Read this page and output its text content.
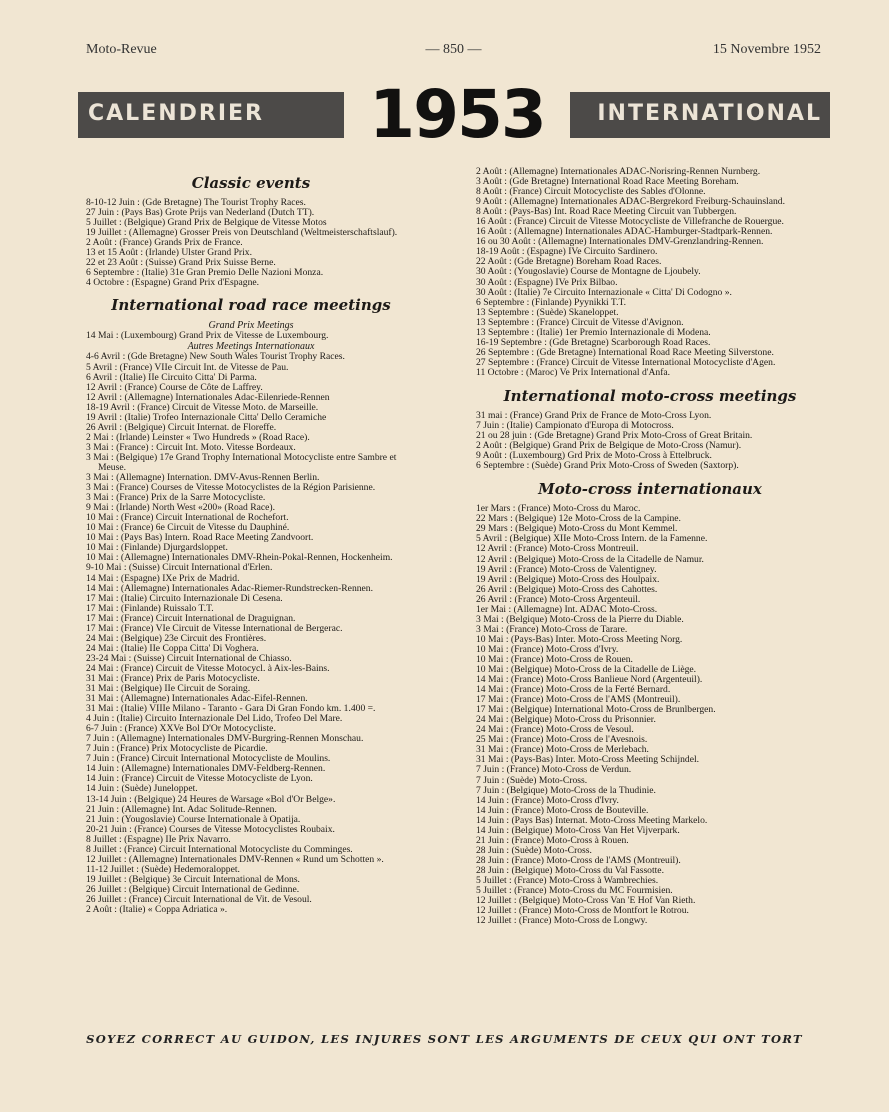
Moto-Revue	— 850 —	15 Novembre 1952
CALENDRIER	INTERNATIONAL
1953
Classic events
8-10-12 Juin : (Gde Bretagne) The Tourist Trophy Races.
27 Juin : (Pays Bas) Grote Prijs van Nederland (Dutch TT).
5 Juillet : (Belgique) Grand Prix de Belgique de Vitesse Motos
19 Juillet : (Allemagne) Grosser Preis von Deutschland (Weltmeisterschaftslauf).
2 Août : (France) Grands Prix de France.
13 et 15 Août : (Irlande) Ulster Grand Prix.
22 et 23 Août : (Suisse) Grand Prix Suisse Berne.
6 Septembre : (Italie) 31e Gran Premio Delle Nazioni Monza.
4 Octobre : (Espagne) Grand Prix d'Espagne.
International road race meetings
Grand Prix Meetings
14 Mai : (Luxembourg) Grand Prix de Vitesse de Luxembourg.
Autres Meetings Internationaux
4-6 Avril : (Gde Bretagne) New South Wales Tourist Trophy Races.
5 Avril : (France) VIIe Circuit Int. de Vitesse de Pau.
6 Avril : (Italie) IIe Circuito Citta' Di Parma.
12 Avril : (France) Course de Côte de Laffrey.
12 Avril : (Allemagne) Internationales Adac-Eilenriede-Rennen
18-19 Avril : (France) Circuit de Vitesse Moto. de Marseille.
19 Avril : (Italie) Trofeo Internazionale Citta' Dello Ceramiche
26 Avril : (Belgique) Circuit Internat. de Floreffe.
2 Mai : (Irlande) Leinster « Two Hundreds » (Road Race).
3 Mai : (France) : Circuit Int. Moto. Vitesse Bordeaux.
3 Mai : (Belgique) 17e Grand Trophy International Motocycliste entre Sambre et Meuse.
3 Mai : (Allemagne) Internation. DMV-Avus-Rennen Berlin.
3 Mai : (France) Courses de Vitesse Motocyclistes de la Région Parisienne.
3 Mai : (France) Prix de la Sarre Motocycliste.
9 Mai : (Irlande) North West «200» (Road Race).
10 Mai : (France) Circuit International de Rochefort.
10 Mai : (France) 6e Circuit de Vitesse du Dauphiné.
10 Mai : (Pays Bas) Intern. Road Race Meeting Zandvoort.
10 Mai : (Finlande) Djurgardsloppet.
10 Mai : (Allemagne) Internationales DMV-Rhein-Pokal-Rennen, Hockenheim.
9-10 Mai : (Suisse) Circuit International d'Erlen.
14 Mai : (Espagne) IXe Prix de Madrid.
14 Mai : (Allemagne) Internationales Adac-Riemer-Rundstrecken-Rennen.
17 Mai : (Italie) Circuito Internazionale Di Cesena.
17 Mai : (Finlande) Ruissalo T.T.
17 Mai : (France) Circuit International de Draguignan.
17 Mai : (France) VIe Circuit de Vitesse International de Bergerac.
24 Mai : (Belgique) 23e Circuit des Frontières.
24 Mai : (Italie) IIe Coppa Citta' Di Voghera.
23-24 Mai : (Suisse) Circuit International de Chiasso.
24 Mai : (France) Circuit de Vitesse Motocycl. à Aix-les-Bains.
31 Mai : (France) Prix de Paris Motocycliste.
31 Mai : (Belgique) IIe Circuit de Soraing.
31 Mai : (Allemagne) Internationales Adac-Eifel-Rennen.
31 Mai : (Italie) VIIIe Milano - Taranto - Gara Di Gran Fondo km. 1.400 =.
4 Juin : (Italie) Circuito Internazionale Del Lido, Trofeo Del Mare.
6-7 Juin : (France) XXVe Bol D'Or Motocycliste.
7 Juin : (Allemagne) Internationales DMV-Burgring-Rennen Monschau.
7 Juin : (France) Prix Motocycliste de Picardie.
7 Juin : (France) Circuit International Motocycliste de Moulins.
14 Juin : (Allemagne) Internationales DMV-Feldberg-Rennen.
14 Juin : (France) Circuit de Vitesse Motocycliste de Lyon.
14 Juin : (Suède) Juneloppet.
13-14 Juin : (Belgique) 24 Heures de Warsage «Bol d'Or Belge».
21 Juin : (Allemagne) Int. Adac Solitude-Rennen.
21 Juin : (Yougoslavie) Course Internationale à Opatija.
20-21 Juin : (France) Courses de Vitesse Motocyclistes Roubaix.
8 Juillet : (Espagne) IIe Prix Navarro.
8 Juillet : (France) Circuit International Motocycliste du Comminges.
12 Juillet : (Allemagne) Internationales DMV-Rennen « Rund um Schotten ».
11-12 Juillet : (Suède) Hedemoraloppet.
19 Juillet : (Belgique) 3e Circuit International de Mons.
26 Juillet : (Belgique) Circuit International de Gedinne.
26 Juillet : (France) Circuit International de Vit. de Vesoul.
2 Août : (Italie) « Coppa Adriatica ».
2 Août : (Allemagne) Internationales ADAC-Norisring-Rennen Nurnberg.
3 Août : (Gde Bretagne) International Road Race Meeting Boreham.
8 Août : (France) Circuit Motocycliste des Sables d'Olonne.
9 Août : (Allemagne) Internationales ADAC-Bergrekord Freiburg-Schauinsland.
8 Août : (Pays-Bas) Int. Road Race Meeting Circuit van Tubbergen.
16 Août : (France) Circuit de Vitesse Motocycliste de Villefranche de Rouergue.
16 Août : (Allemagne) Internationales ADAC-Hamburger-Stadtpark-Rennen.
16 ou 30 Août : (Allemagne) Internationales DMV-Grenzlandring-Rennen.
18-19 Août : (Espagne) IVe Circuito Sardinero.
22 Août : (Gde Bretagne) Boreham Road Races.
30 Août : (Yougoslavie) Course de Montagne de Ljoubely.
30 Août : (Espagne) IVe Prix Bilbao.
30 Août : (Italie) 7e Circuito Internazionale « Citta' Di Codogno ».
6 Septembre : (Finlande) Pyynikki T.T.
13 Septembre : (Suède) Skaneloppet.
13 Septembre : (France) Circuit de Vitesse d'Avignon.
13 Septembre : (Italie) 1er Premio Internazionale di Modena.
16-19 Septembre : (Gde Bretagne) Scarborough Road Races.
26 Septembre : (Gde Bretagne) International Road Race Meeting Silverstone.
27 Septembre : (France) Circuit de Vitesse International Motocycliste d'Agen.
11 Octobre : (Maroc) Ve Prix International d'Anfa.
International moto-cross meetings
31 mai : (France) Grand Prix de France de Moto-Cross Lyon.
7 Juin : (Italie) Campionato d'Europa di Motocross.
21 ou 28 juin : (Gde Bretagne) Grand Prix Moto-Cross of Great Britain.
2 Août : (Belgique) Grand Prix de Belgique de Moto-Cross (Namur).
9 Août : (Luxembourg) Grd Prix de Moto-Cross à Ettelbruck.
6 Septembre : (Suède) Grand Prix Moto-Cross of Sweden (Saxtorp).
Moto-cross internationaux
1er Mars : (France) Moto-Cross du Maroc.
22 Mars : (Belgique) 12e Moto-Cross de la Campine.
29 Mars : (Belgique) Moto-Cross du Mont Kemmel.
5 Avril : (Belgique) XIIe Moto-Cross Intern. de la Famenne.
12 Avril : (France) Moto-Cross Montreuil.
12 Avril : (Belgique) Moto-Cross de la Citadelle de Namur.
19 Avril : (France) Moto-Cross de Valentigney.
19 Avril : (Belgique) Moto-Cross des Houlpaix.
26 Avril : (Belgique) Moto-Cross des Cahottes.
26 Avril : (France) Moto-Cross Argenteuil.
1er Mai : (Allemagne) Int. ADAC Moto-Cross.
3 Mai : (Belgique) Moto-Cross de la Pierre du Diable.
3 Mai : (France) Moto-Cross de Tarare.
10 Mai : (Pays-Bas) Inter. Moto-Cross Meeting Norg.
10 Mai : (France) Moto-Cross d'Ivry.
10 Mai : (France) Moto-Cross de Rouen.
10 Mai : (Belgique) Moto-Cross de la Citadelle de Liège.
14 Mai : (France) Moto-Cross Banlieue Nord (Argenteuil).
14 Mai : (France) Moto-Cross de la Ferté Bernard.
17 Mai : (France) Moto-Cross de l'AMS (Montreuil).
17 Mai : (Belgique) International Moto-Cross de Brunlbergen.
24 Mai : (Belgique) Moto-Cross du Prisonnier.
24 Mai : (France) Moto-Cross de Vesoul.
25 Mai : (France) Moto-Cross de l'Avesnois.
31 Mai : (France) Moto-Cross de Merlebach.
31 Mai : (Pays-Bas) Inter. Moto-Cross Meeting Schijndel.
7 Juin : (France) Moto-Cross de Verdun.
7 Juin : (Suède) Moto-Cross.
7 Juin : (Belgique) Moto-Cross de la Thudinie.
14 Juin : (France) Moto-Cross d'Ivry.
14 Juin : (France) Moto-Cross de Bouteville.
14 Juin : (Pays Bas) Internat. Moto-Cross Meeting Markelo.
14 Juin : (Belgique) Moto-Cross Van Het Vijverpark.
21 Juin : (France) Moto-Cross à Rouen.
28 Juin : (Suède) Moto-Cross.
28 Juin : (France) Moto-Cross de l'AMS (Montreuil).
28 Juin : (Belgique) Moto-Cross du Val Fassotte.
5 Juillet : (France) Moto-Cross à Wambrechies.
5 Juillet : (France) Moto-Cross du MC Fourmisien.
12 Juillet : (Belgique) Moto-Cross Van 'E Hof Van Rieth.
12 Juillet : (France) Moto-Cross de Montfort le Rotrou.
12 Juillet : (France) Moto-Cross de Longwy.
SOYEZ CORRECT AU GUIDON, LES INJURES SONT LES ARGUMENTS DE CEUX QUI ONT TORT
